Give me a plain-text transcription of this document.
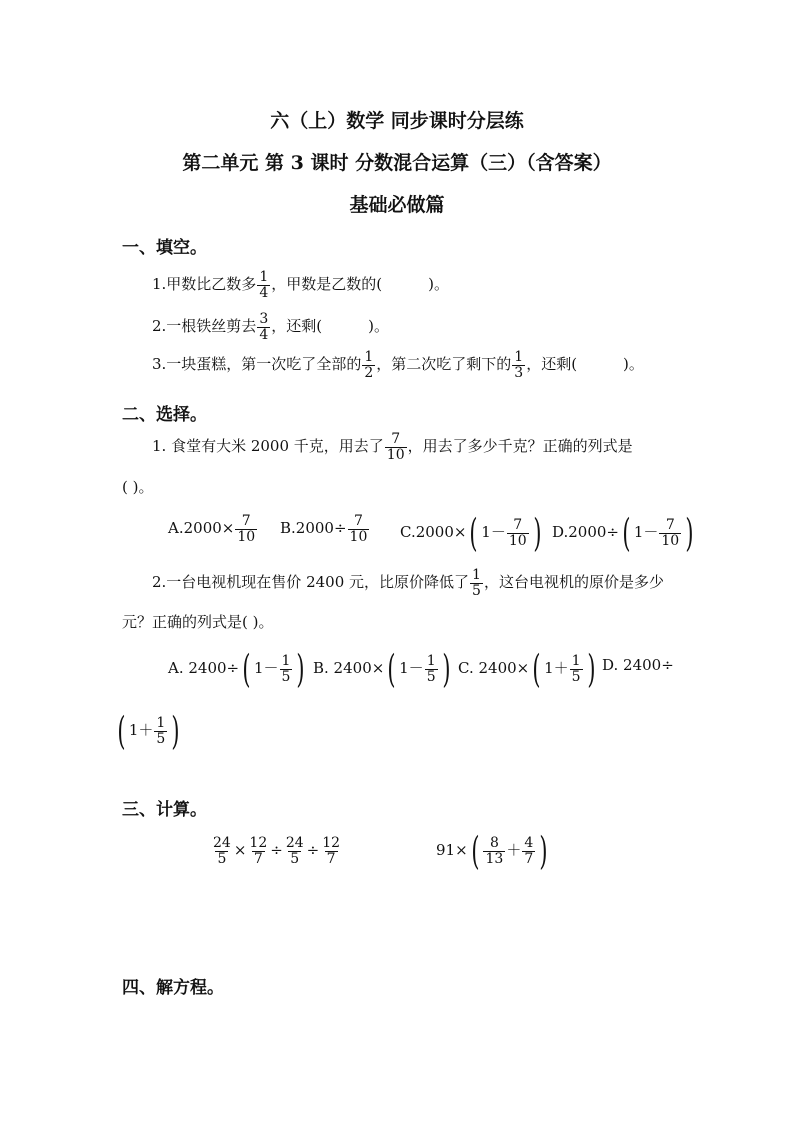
六（上）数学 同步课时分层练
第二单元 第 3 课时 分数混合运算（三）（含答案）
基础必做篇
一、填空。
1.甲数比乙数多 $\frac{1}{4}$ ，甲数是乙数的(	)。
2.一根铁丝剪去 $\frac{3}{4}$ ，还剩(	)。
3.一块蛋糕，第一次吃了全部的 $\frac{1}{2}$ ，第二次吃了剩下的 $\frac{1}{3}$ ，还剩(	)。
二、选择。
1. 食堂有大米 2000 千克，用去了 $\frac{7}{10}$ ，用去了多少千克？正确的列式是
( )。
$A.2000\times \frac{7}{10} B.2000\div \frac{7}{10} C.2000\times$( $1- \frac{7}{10}$ ) D.2000÷( $1- \frac{7}{10}$ )
2.一台电视机现在售价 2400 元，比原价降低了 $\frac{1}{5}$ ，这台电视机的原价是多少
元？正确的列式是( )。
A. 2400÷( $1- \frac{1}{5}$ ) B. 2400×( $1- \frac{1}{5}$ ) C. 2400×( $1+ \frac{1}{5}$ ) D. 2400÷
( $1+ \frac{1}{5}$ )
三、计算。
$\frac{24}{5} \times \frac{12}{7} \div \frac{24}{5} \div \frac{12}{7}$	$91\times( \frac{8}{13} + \frac{4}{7}$ )
四、解方程。
